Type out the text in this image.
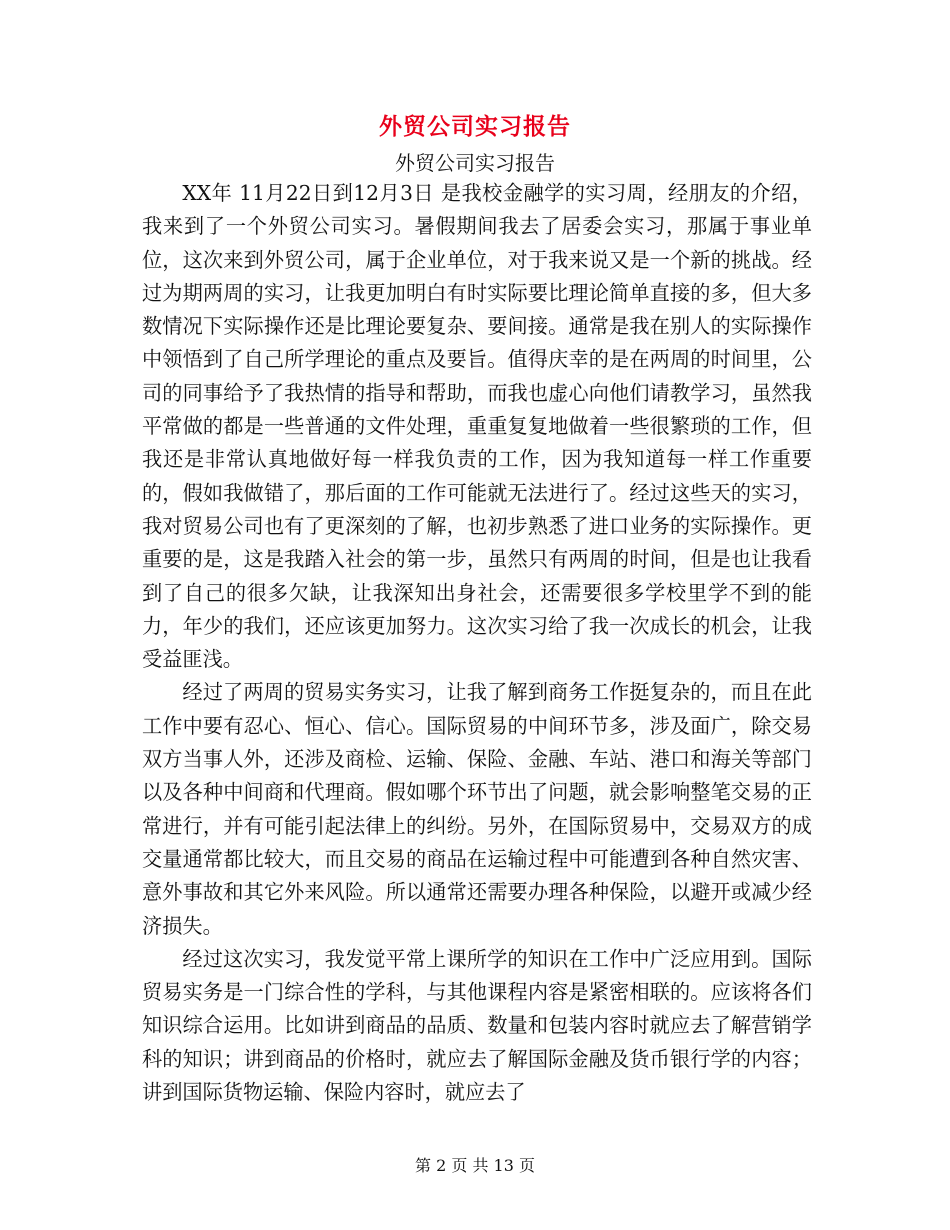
外贸公司实习报告
外贸公司实习报告

XX年 11月22日到12月3日 是我校金融学的实习周，经朋友的介绍，我来到了一个外贸公司实习。暑假期间我去了居委会实习，那属于事业单位，这次来到外贸公司，属于企业单位，对于我来说又是一个新的挑战。经过为期两周的实习，让我更加明白有时实际要比理论简单直接的多，但大多数情况下实际操作还是比理论要复杂、要间接。通常是我在别人的实际操作中领悟到了自己所学理论的重点及要旨。值得庆幸的是在两周的时间里，公司的同事给予了我热情的指导和帮助，而我也虚心向他们请教学习，虽然我平常做的都是一些普通的文件处理，重重复复地做着一些很繁琐的工作，但我还是非常认真地做好每一样我负责的工作，因为我知道每一样工作重要的，假如我做错了，那后面的工作可能就无法进行了。经过这些天的实习，我对贸易公司也有了更深刻的了解，也初步熟悉了进口业务的实际操作。更重要的是，这是我踏入社会的第一步，虽然只有两周的时间，但是也让我看到了自己的很多欠缺，让我深知出身社会，还需要很多学校里学不到的能力，年少的我们，还应该更加努力。这次实习给了我一次成长的机会，让我受益匪浅。

经过了两周的贸易实务实习，让我了解到商务工作挺复杂的，而且在此工作中要有忍心、恒心、信心。国际贸易的中间环节多，涉及面广，除交易双方当事人外，还涉及商检、运输、保险、金融、车站、港口和海关等部门以及各种中间商和代理商。假如哪个环节出了问题，就会影响整笔交易的正常进行，并有可能引起法律上的纠纷。另外，在国际贸易中，交易双方的成交量通常都比较大，而且交易的商品在运输过程中可能遭到各种自然灾害、意外事故和其它外来风险。所以通常还需要办理各种保险，以避开或减少经济损失。

经过这次实习，我发觉平常上课所学的知识在工作中广泛应用到。国际贸易实务是一门综合性的学科，与其他课程内容是紧密相联的。应该将各们知识综合运用。比如讲到商品的品质、数量和包装内容时就应去了解营销学科的知识；讲到商品的价格时，就应去了解国际金融及货币银行学的内容；讲到国际货物运输、保险内容时，就应去了

第 2 页 共 13 页
